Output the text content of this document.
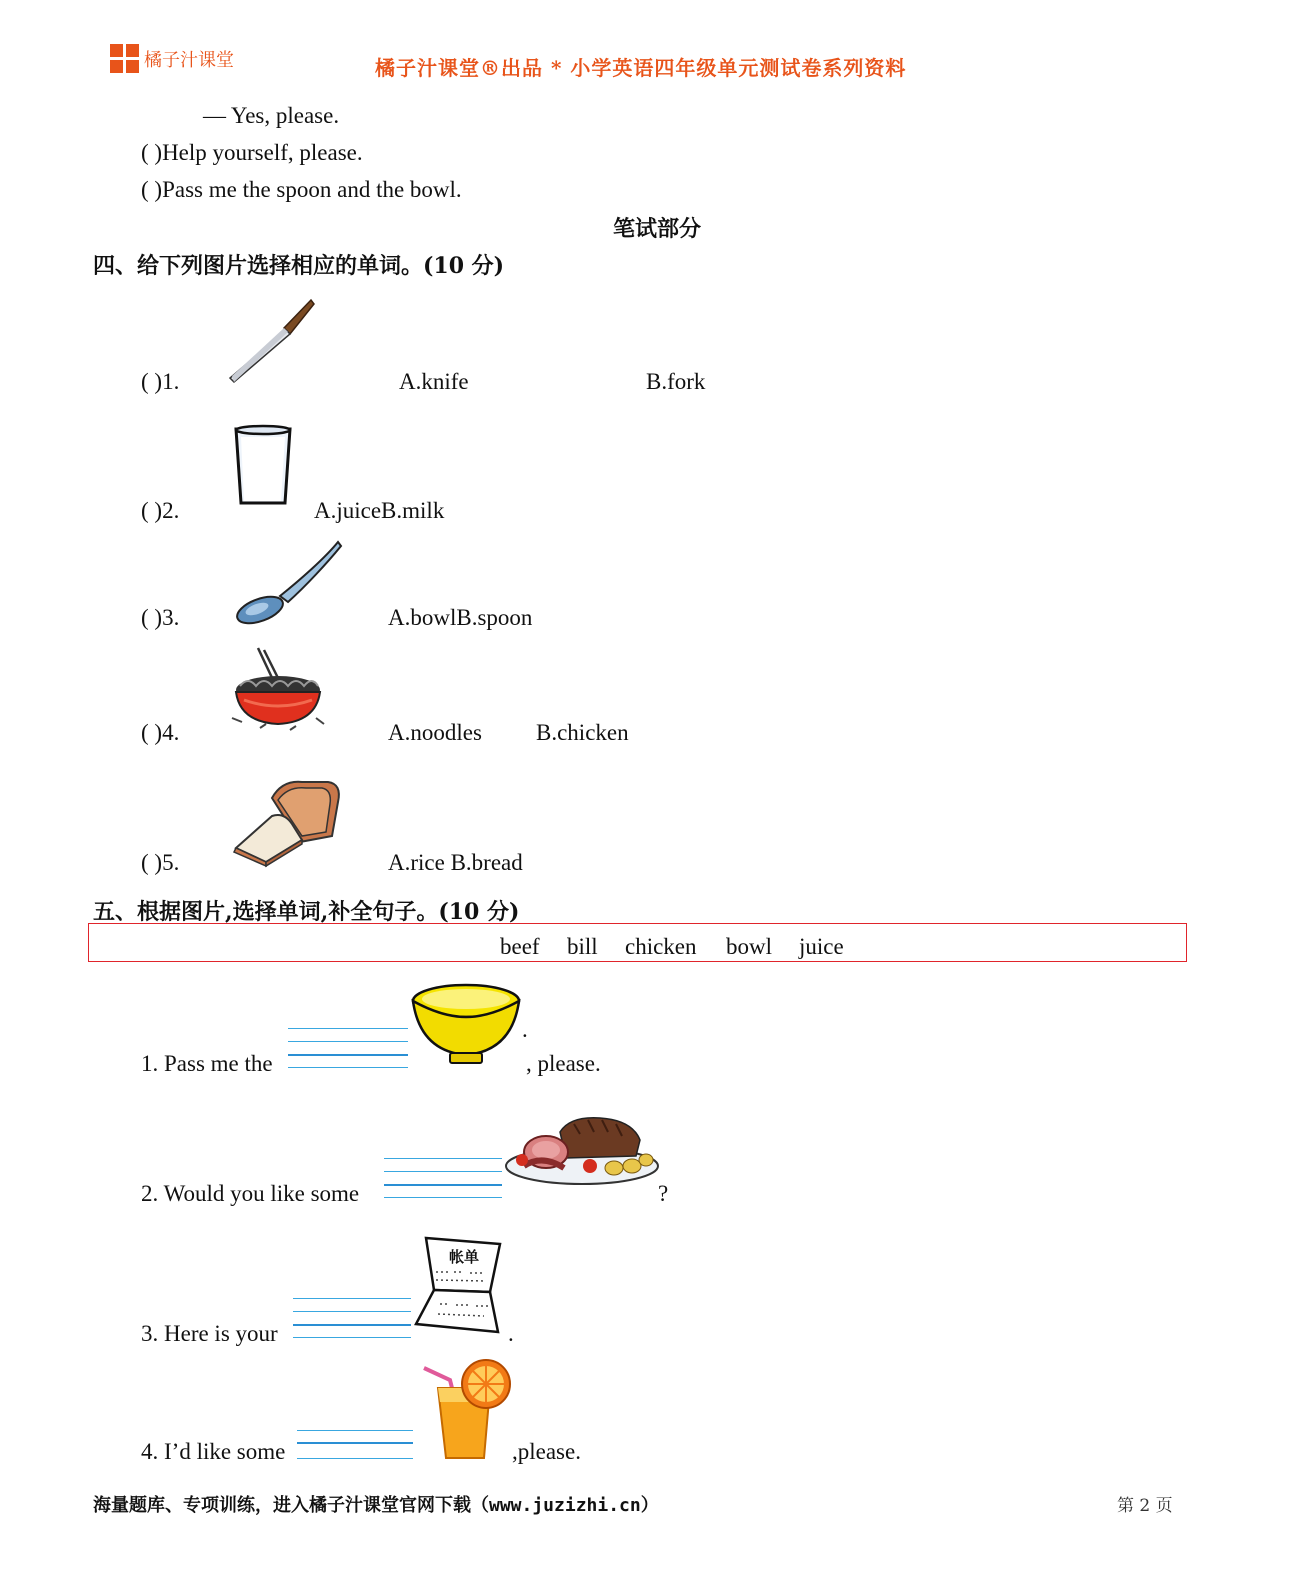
橘子汁课堂	橘子汁课堂®出品 * 小学英语四年级单元测试卷系列资料
— Yes, please.
( )Help yourself, please.
( )Pass me the spoon and the bowl.
笔试部分
四、给下列图片选择相应的单词。(10 分)
( )1.	A.knife	B.fork
( )2.	A.juiceB.milk
( )3.	A.bowlB.spoon
( )4.	A.noodles B.chicken
( )5.	A.rice B.bread
五、根据图片,选择单词,补全句子。(10 分)
beef bill chicken bowl juice
1. Pass me the
.
, please.
2. Would you like some	?
3. Here is your
帐单
.
4. I’d like some	,please.
海量题库、专项训练，进入橘子汁课堂官网下载（www.juzizhi.cn）	第 2 页
